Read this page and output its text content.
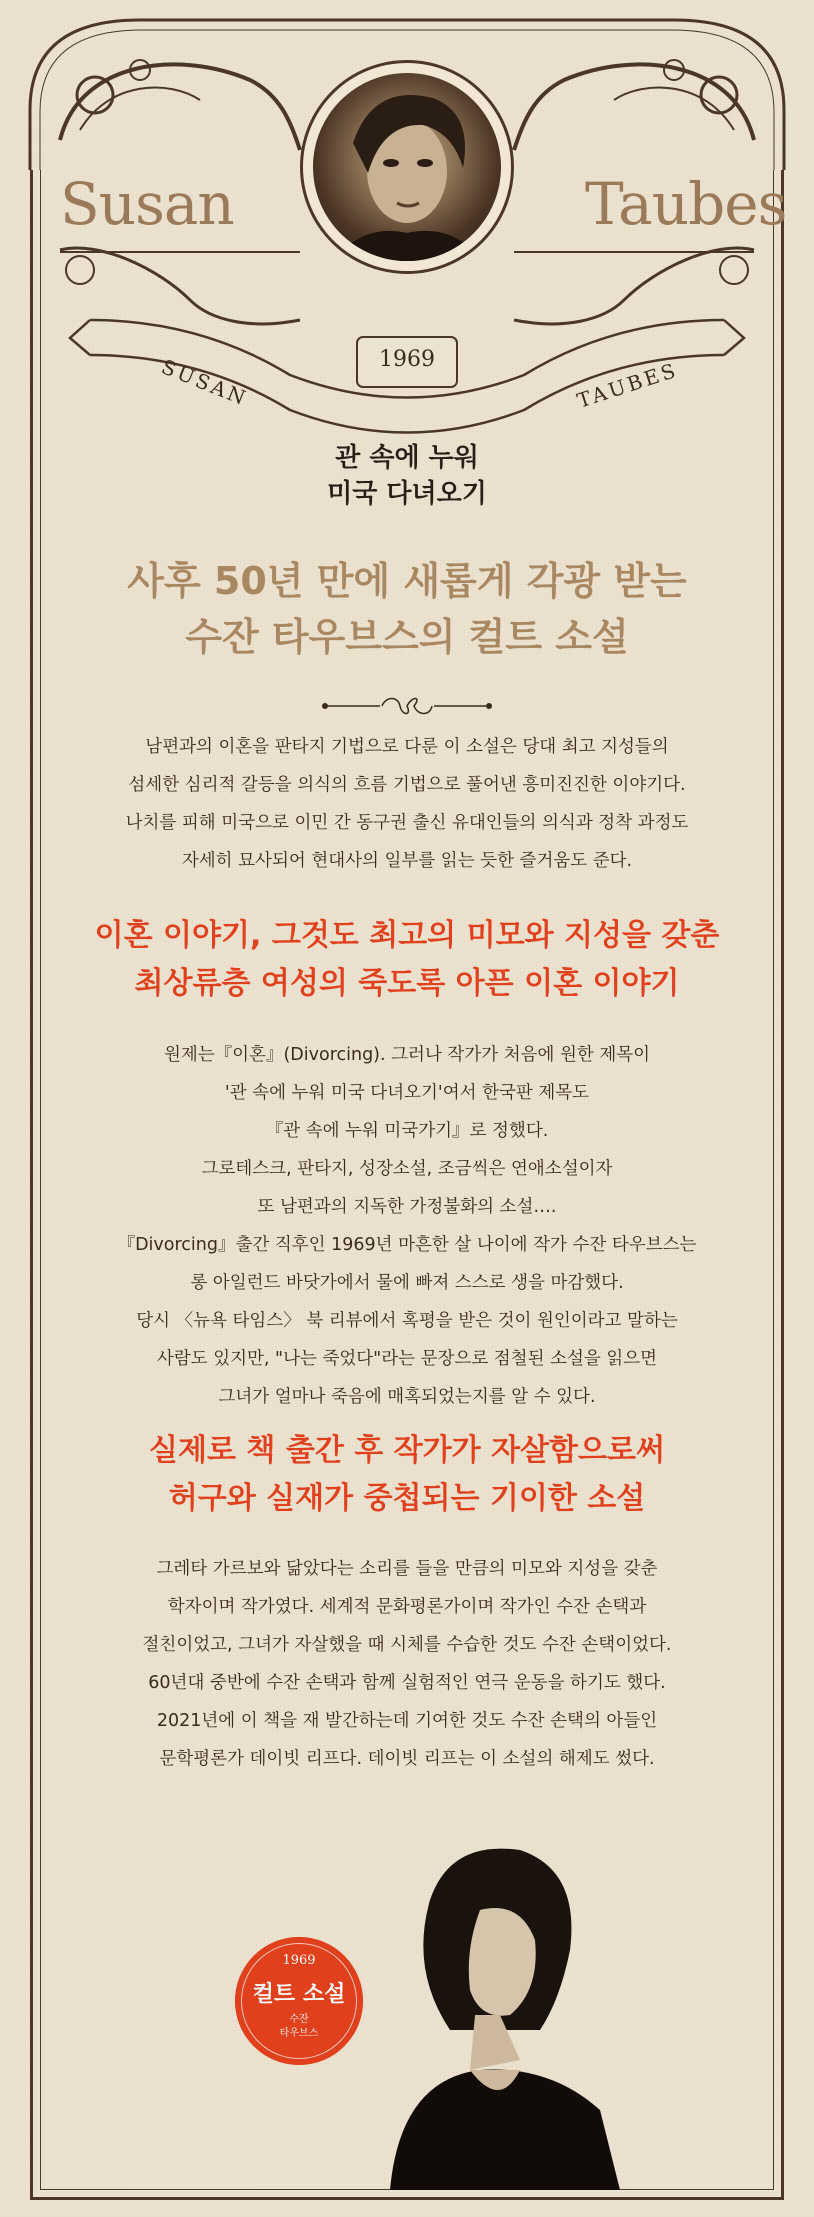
SUSAN	TAUBES
Susan	Taubes
1969
관 속에 누워
미국 다녀오기
사후 50년 만에 새롭게 각광 받는
수잔 타우브스의 컬트 소설
남편과의 이혼을 판타지 기법으로 다룬 이 소설은 당대 최고 지성들의
섬세한 심리적 갈등을 의식의 흐름 기법으로 풀어낸 흥미진진한 이야기다.
나치를 피해 미국으로 이민 간 동구권 출신 유대인들의 의식과 정착 과정도
자세히 묘사되어 현대사의 일부를 읽는 듯한 즐거움도 준다.
이혼 이야기, 그것도 최고의 미모와 지성을 갖춘
최상류층 여성의 죽도록 아픈 이혼 이야기
원제는『이혼』(Divorcing). 그러나 작가가 처음에 원한 제목이
'관 속에 누워 미국 다녀오기'여서 한국판 제목도
『관 속에 누워 미국가기』로 정했다.
그로테스크, 판타지, 성장소설, 조금씩은 연애소설이자
또 남편과의 지독한 가정불화의 소설….
『Divorcing』출간 직후인 1969년 마흔한 살 나이에 작가 수잔 타우브스는
롱 아일런드 바닷가에서 물에 빠져 스스로 생을 마감했다.
당시 〈뉴욕 타임스〉 북 리뷰에서 혹평을 받은 것이 원인이라고 말하는
사람도 있지만, "나는 죽었다"라는 문장으로 점철된 소설을 읽으면
그녀가 얼마나 죽음에 매혹되었는지를 알 수 있다.
실제로 책 출간 후 작가가 자살함으로써
허구와 실재가 중첩되는 기이한 소설
그레타 가르보와 닮았다는 소리를 들을 만큼의 미모와 지성을 갖춘
학자이며 작가였다. 세계적 문화평론가이며 작가인 수잔 손택과
절친이었고, 그녀가 자살했을 때 시체를 수습한 것도 수잔 손택이었다.
60년대 중반에 수잔 손택과 함께 실험적인 연극 운동을 하기도 했다.
2021년에 이 책을 재 발간하는데 기여한 것도 수잔 손택의 아들인
문학평론가 데이빗 리프다. 데이빗 리프는 이 소설의 해제도 썼다.
1969
컬트 소설
수잔
타우브스
